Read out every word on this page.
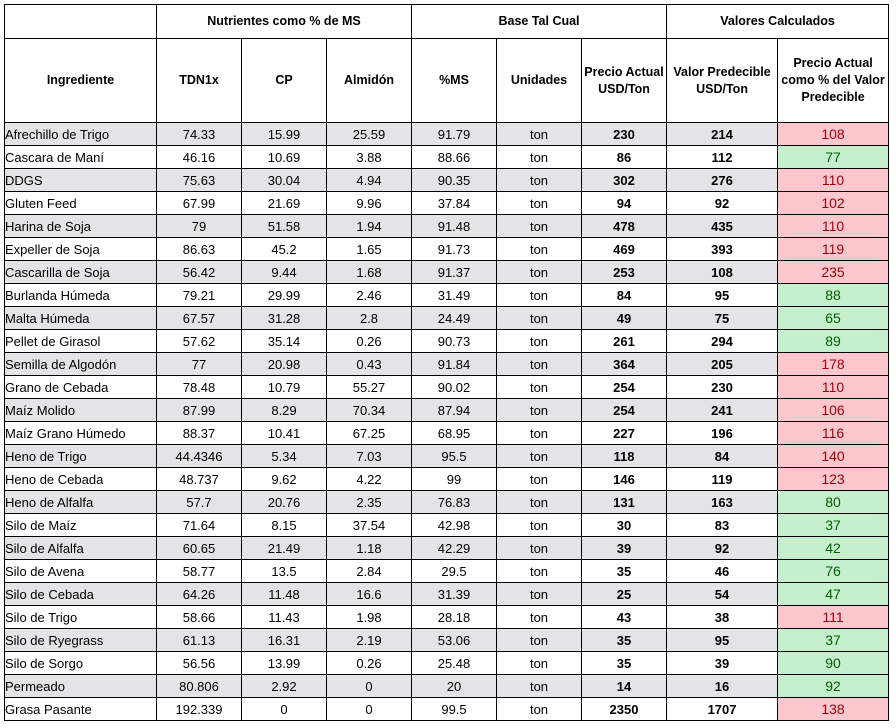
	Nutrientes como % de MS			Base Tal Cual			Valores Calculados	
Ingrediente	TDN1x	CP	Almidón	%MS	Unidades	Precio Actual USD/Ton	Valor Predecible USD/Ton	Precio Actual como % del Valor Predecible
Afrechillo de Trigo	74.33	15.99	25.59	91.79	ton	230	214	108
Cascara de Maní	46.16	10.69	3.88	88.66	ton	86	112	77
DDGS	75.63	30.04	4.94	90.35	ton	302	276	110
Gluten Feed	67.99	21.69	9.96	37.84	ton	94	92	102
Harina de Soja	79	51.58	1.94	91.48	ton	478	435	110
Expeller de Soja	86.63	45.2	1.65	91.73	ton	469	393	119
Cascarilla de Soja	56.42	9.44	1.68	91.37	ton	253	108	235
Burlanda Húmeda	79.21	29.99	2.46	31.49	ton	84	95	88
Malta Húmeda	67.57	31.28	2.8	24.49	ton	49	75	65
Pellet de Girasol	57.62	35.14	0.26	90.73	ton	261	294	89
Semilla de Algodón	77	20.98	0.43	91.84	ton	364	205	178
Grano de Cebada	78.48	10.79	55.27	90.02	ton	254	230	110
Maíz Molido	87.99	8.29	70.34	87.94	ton	254	241	106
Maíz Grano Húmedo	88.37	10.41	67.25	68.95	ton	227	196	116
Heno de Trigo	44.4346	5.34	7.03	95.5	ton	118	84	140
Heno de Cebada	48.737	9.62	4.22	99	ton	146	119	123
Heno de Alfalfa	57.7	20.76	2.35	76.83	ton	131	163	80
Silo de Maíz	71.64	8.15	37.54	42.98	ton	30	83	37
Silo de Alfalfa	60.65	21.49	1.18	42.29	ton	39	92	42
Silo de Avena	58.77	13.5	2.84	29.5	ton	35	46	76
Silo de Cebada	64.26	11.48	16.6	31.39	ton	25	54	47
Silo de Trigo	58.66	11.43	1.98	28.18	ton	43	38	111
Silo de Ryegrass	61.13	16.31	2.19	53.06	ton	35	95	37
Silo de Sorgo	56.56	13.99	0.26	25.48	ton	35	39	90
Permeado	80.806	2.92	0	20	ton	14	16	92
Grasa Pasante	192.339	0	0	99.5	ton	2350	1707	138
